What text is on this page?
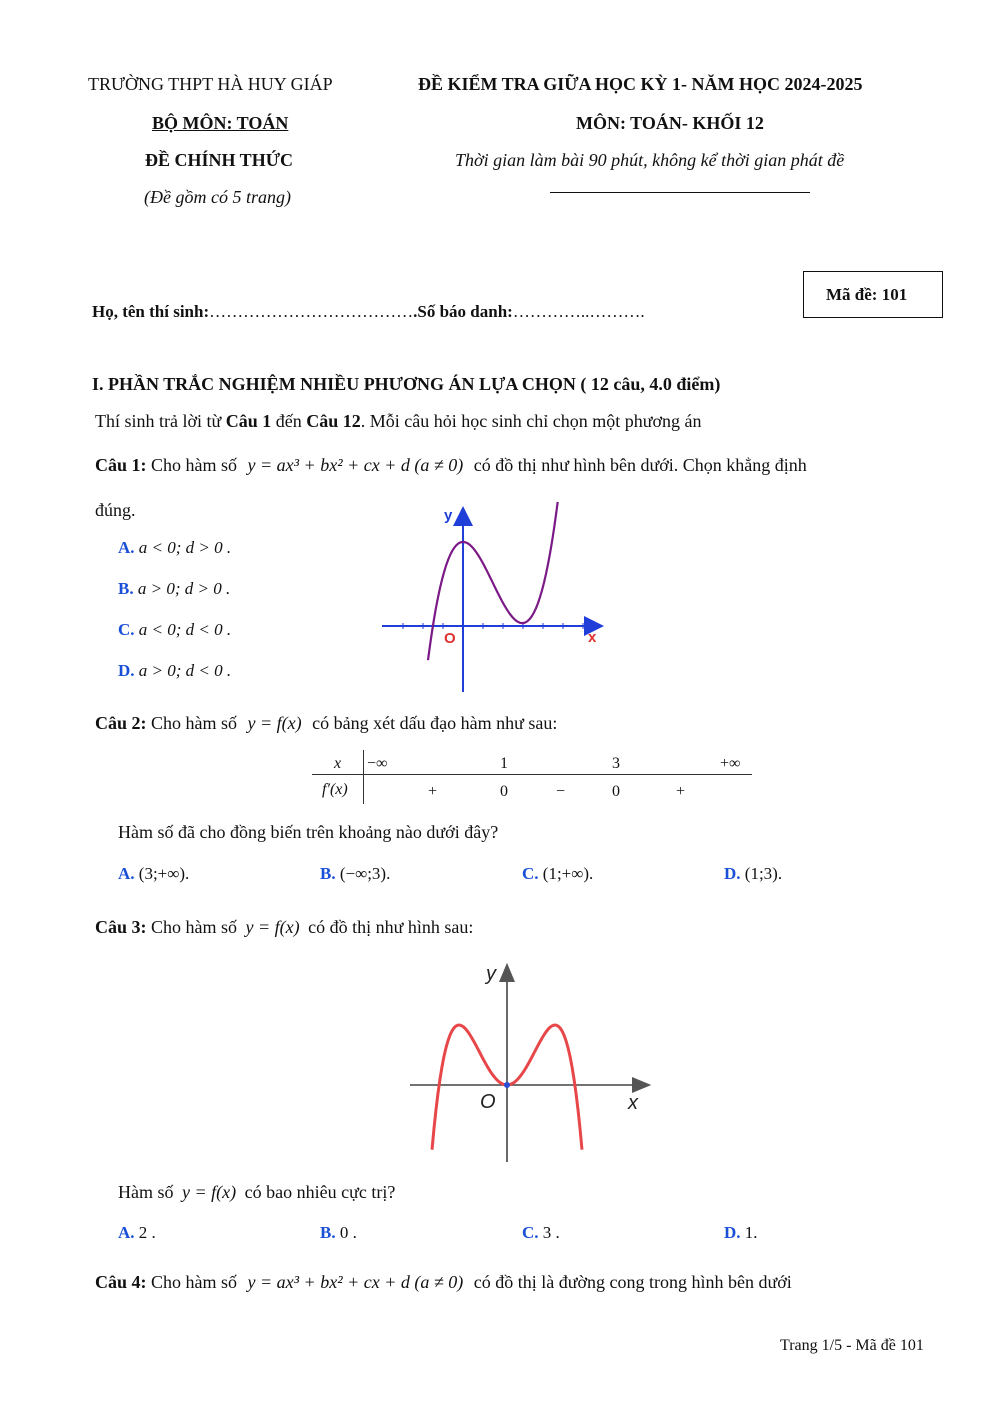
TRƯỜNG THPT HÀ HUY GIÁP
BỘ MÔN: TOÁN
ĐỀ CHÍNH THỨC
(Đề gồm có 5 trang)
ĐỀ KIỂM TRA GIỮA HỌC KỲ 1- NĂM HỌC 2024-2025
MÔN: TOÁN- KHỐI 12
Thời gian làm bài 90 phút, không kể thời gian phát đề
Họ, tên thí sinh:……………………………….Số báo danh:…………..……….
Mã đề: 101
I. PHẦN TRẮC NGHIỆM NHIỀU PHƯƠNG ÁN LỰA CHỌN ( 12 câu, 4.0 điểm)
Thí sinh trả lời từ Câu 1 đến Câu 12. Mỗi câu hỏi học sinh chỉ chọn một phương án
Câu 1: Cho hàm số y = ax³ + bx² + cx + d (a ≠ 0) có đồ thị như hình bên dưới. Chọn khẳng định
đúng.
A. a < 0; d > 0 .
B. a > 0; d > 0 .
C. a < 0; d < 0 .
D. a > 0; d < 0 .
y
x
O
Câu 2: Cho hàm số y = f(x) có bảng xét dấu đạo hàm như sau:
x −∞	1	3	+∞
f′(x)	+	0	−	0	+
Hàm số đã cho đồng biến trên khoảng nào dưới đây?
A. (3;+∞).	B. (−∞;3).	C. (1;+∞).	D. (1;3).
Câu 3: Cho hàm số y = f(x) có đồ thị như hình sau:
y
x
O
Hàm số y = f(x) có bao nhiêu cực trị?
A. 2 .	B. 0 .	C. 3 .	D. 1.
Câu 4: Cho hàm số y = ax³ + bx² + cx + d (a ≠ 0) có đồ thị là đường cong trong hình bên dưới
Trang 1/5 - Mã đề 101
